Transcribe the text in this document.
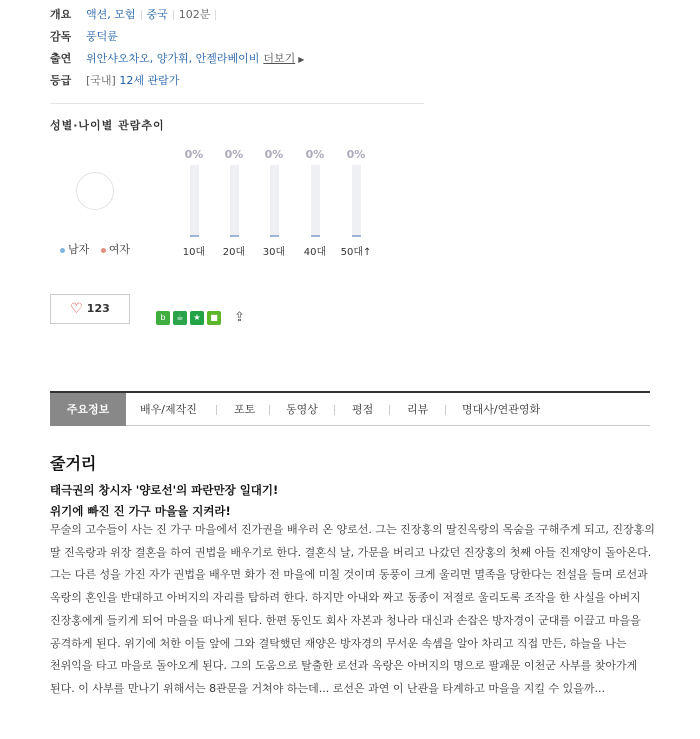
개요 액션, 모험 중국 102분
감독 풍덕륜
출연 위안샤오차오, 양가휘, 안젤라베이비 더보기 ▶
등급 [국내] 12세 관람가
성별·나이별 관람추이
남자 여자
0%
10대
0%
20대
0%
30대
0%
40대
0%
50대↑
♡ 123
b ☕ ★ ■ ⇪
주요정보	배우/제작진	포토	동영상	평점	리뷰	명대사/연관영화
줄거리
태극권의 창시자 '양로선'의 파란만장 일대기!
위기에 빠진 진 가구 마을을 지켜라!
무술의 고수들이 사는 진 가구 마을에서 진가권을 배우러 온 양로선. 그는 진장홍의 딸진옥랑의 목숨을 구해주게 되고, 진장홍의 딸 진옥랑과 위장 결혼을 하여 권법을 배우기로 한다. 결혼식 날, 가문을 버리고 나갔던 진장홍의 첫째 아들 진재양이 돌아온다. 그는 다른 성을 가진 자가 권법을 배우면 화가 전 마을에 미칠 것이며 동풍이 크게 울리면 멸족을 당한다는 전설을 들며 로선과 옥랑의 혼인을 반대하고 아버지의 자리를 탐하려 한다. 하지만 아내와 짜고 동종이 저절로 울리도록 조작을 한 사실을 아버지 진장홍에게 들키게 되어 마을을 떠나게 된다. 한편 동인도 회사 자본과 청나라 대신과 손잡은 방자경이 군대를 이끌고 마을을 공격하게 된다. 위기에 처한 이들 앞에 그와 결탁했던 재양은 방자경의 무서운 속셈을 알아 차리고 직접 만든, 하늘을 나는 천위익을 타고 마을로 돌아오게 된다. 그의 도움으로 탈출한 로선과 옥랑은 아버지의 명으로 팔괘문 이천군 사부를 찾아가게 된다. 이 사부를 만나기 위해서는 8관문을 거쳐야 하는데... 로선은 과연 이 난관을 타계하고 마을을 지킬 수 있을까...
